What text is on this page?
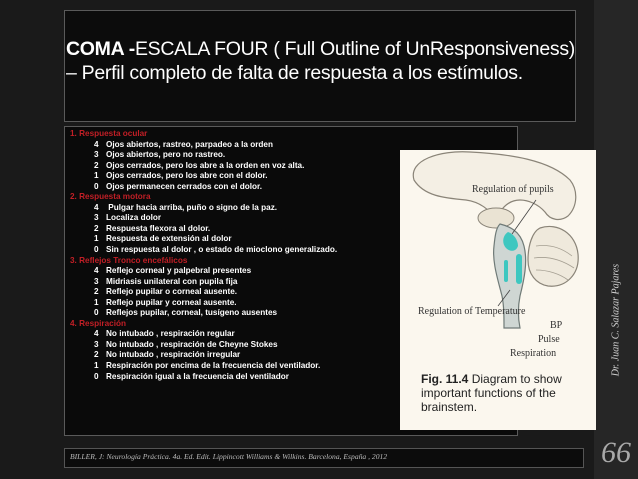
COMA -ESCALA FOUR ( Full Outline of UnResponsiveness) – Perfil completo de falta de respuesta a los estímulos.
1. Respuesta ocular
4 Ojos abiertos, rastreo, parpadeo a la orden
3 Ojos abiertos, pero no rastreo.
2 Ojos cerrados, pero los abre a la orden en voz alta.
1 Ojos cerrados, pero los abre con el dolor.
0 Ojos permanecen cerrados con el dolor.
2. Respuesta motora
4 Pulgar hacia arriba, puño o signo de la paz.
3 Localiza dolor
2 Respuesta flexora al dolor.
1 Respuesta de extensión al dolor
0 Sin respuesta al dolor , o estado de mioclono generalizado.
3. Reflejos Tronco encefálicos
4 Reflejo corneal y palpebral presentes
3 Midriasis unilateral con pupila fija
2 Reflejo pupilar o corneal ausente.
1 Reflejo pupilar y corneal ausente.
0 Reflejos pupilar, corneal, tusígeno ausentes
4. Respiración
4 No intubado , respiración regular
3 No intubado , respiración de Cheyne Stokes
2 No intubado , respiración irregular
1 Respiración por encima de la frecuencia del ventilador.
0 Respiración igual a la frecuencia del ventilador
Regulation of pupils
Regulation of Temperature
BP
Pulse
Respiration
Fig. 11.4 Diagram to show important functions of the brainstem.
BILLER, J: Neurología Práctica. 4a. Ed. Edit. Lippincott Williams & Wilkins. Barcelona, España , 2012
Dr. Juan C. Salazar Pajares
66
